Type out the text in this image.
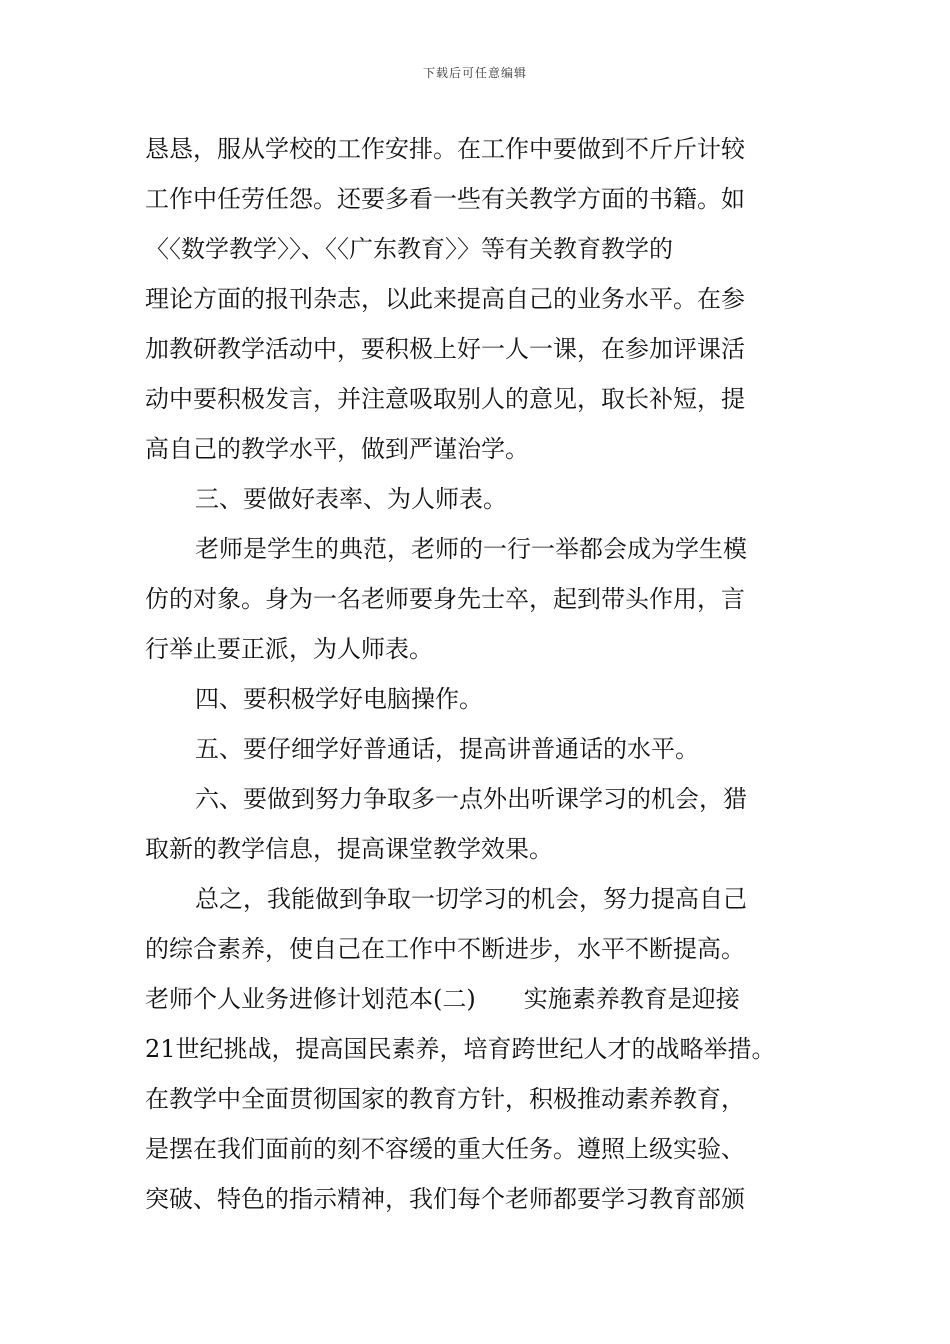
下载后可任意编辑
恳恳，服从学校的工作安排。在工作中要做到不斤斤计较
工作中任劳任怨。还要多看一些有关教学方面的书籍。如
〈〈数学教学〉〉、〈〈广东教育〉〉等有关教育教学的
理论方面的报刊杂志，以此来提高自己的业务水平。在参
加教研教学活动中，要积极上好一人一课，在参加评课活
动中要积极发言，并注意吸取别人的意见，取长补短，提
高自己的教学水平，做到严谨治学。
三、要做好表率、为人师表。
老师是学生的典范，老师的一行一举都会成为学生模
仿的对象。身为一名老师要身先士卒，起到带头作用，言
行举止要正派，为人师表。
四、要积极学好电脑操作。
五、要仔细学好普通话，提高讲普通话的水平。
六、要做到努力争取多一点外出听课学习的机会，猎
取新的教学信息，提高课堂教学效果。
总之，我能做到争取一切学习的机会，努力提高自己
的综合素养，使自己在工作中不断进步，水平不断提高。
老师个人业务进修计划范本(二) 实施素养教育是迎接
21世纪挑战，提高国民素养，培育跨世纪人才的战略举措。
在教学中全面贯彻国家的教育方针，积极推动素养教育，
是摆在我们面前的刻不容缓的重大任务。遵照上级实验、
突破、特色的指示精神，我们每个老师都要学习教育部颁
